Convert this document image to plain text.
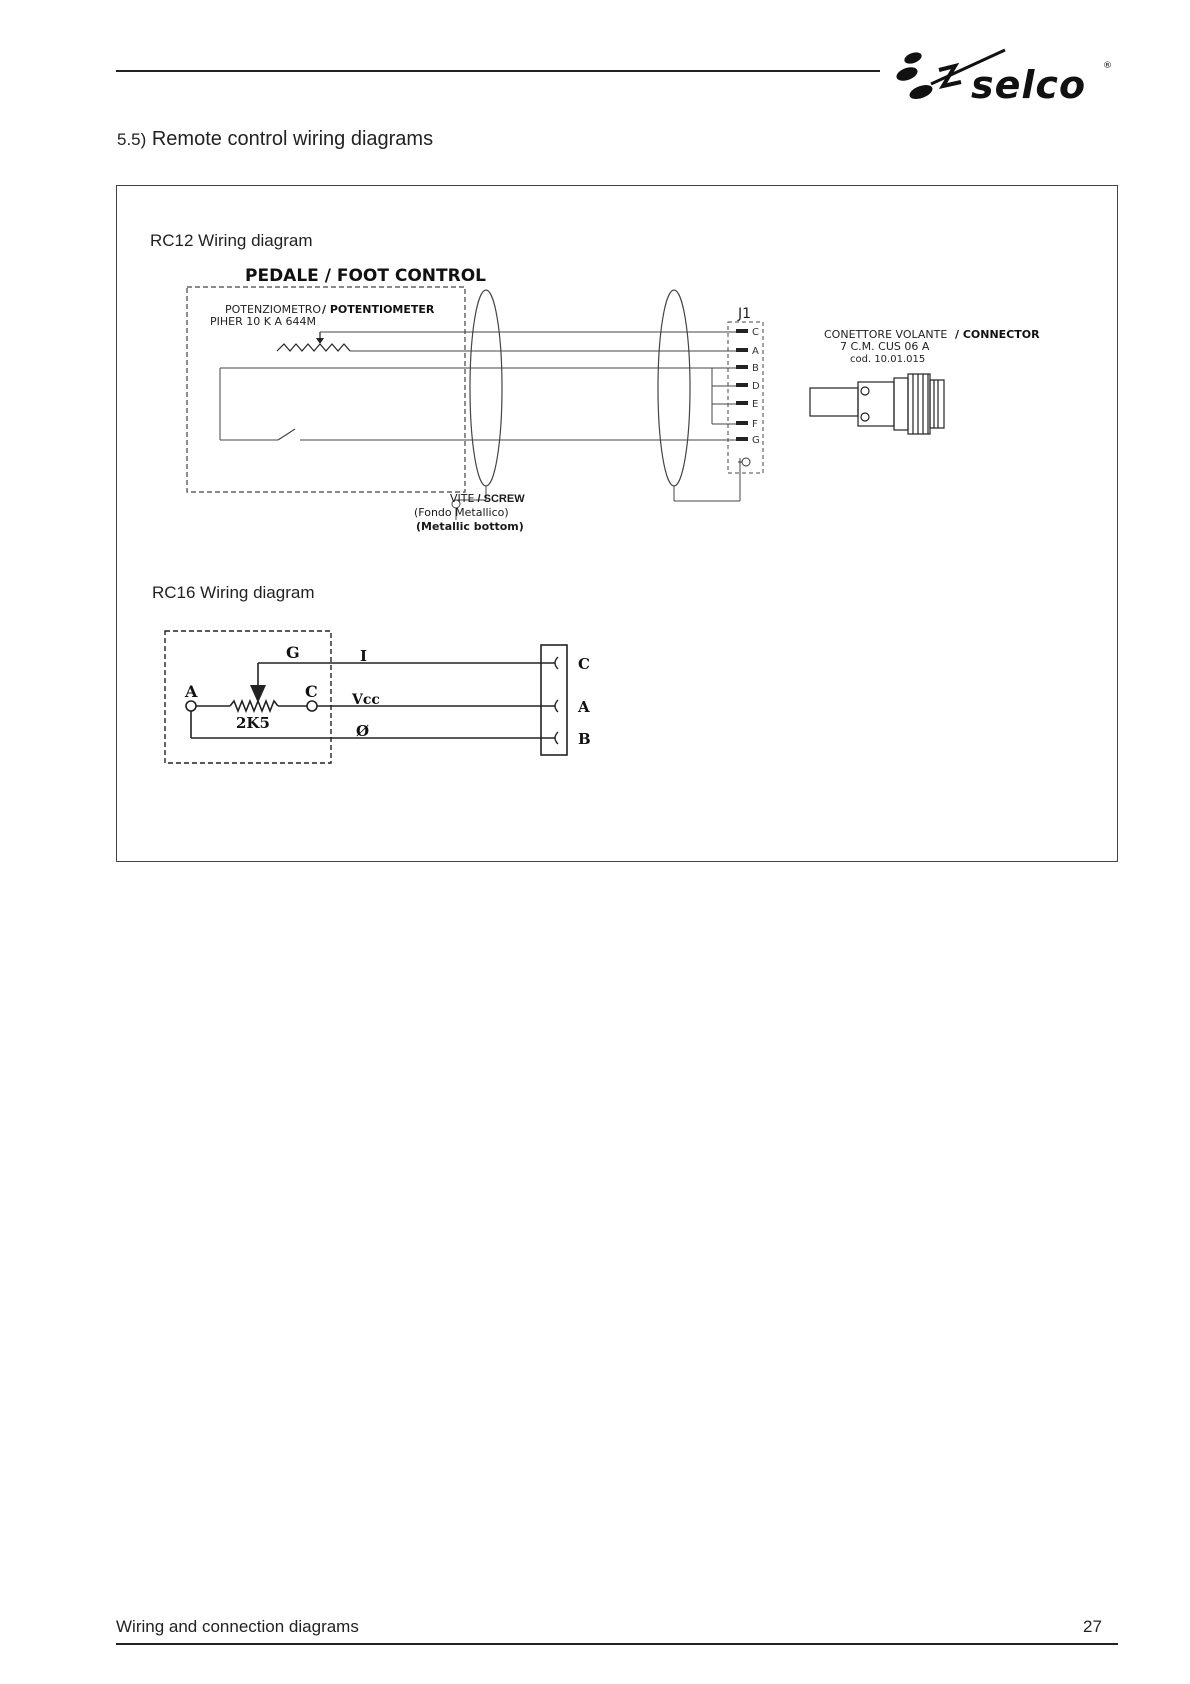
selco ®
5.5) Remote control wiring diagrams
RC12 Wiring diagram
PEDALE / FOOT CONTROL
POTENZIOMETRO / POTENTIOMETER
PIHER 10 K A 644M	J1
C
A
B
D
E
F
G
CONETTORE VOLANTE / CONNECTOR
7 C.M. CUS 06 A
cod. 10.01.015
VITE / SCREW
(Fondo Metallico)
(Metallic bottom)
RC16 Wiring diagram
G
A	C
2K5
I
Vcc
Ø
C
A
B
Wiring and connection diagrams	27
